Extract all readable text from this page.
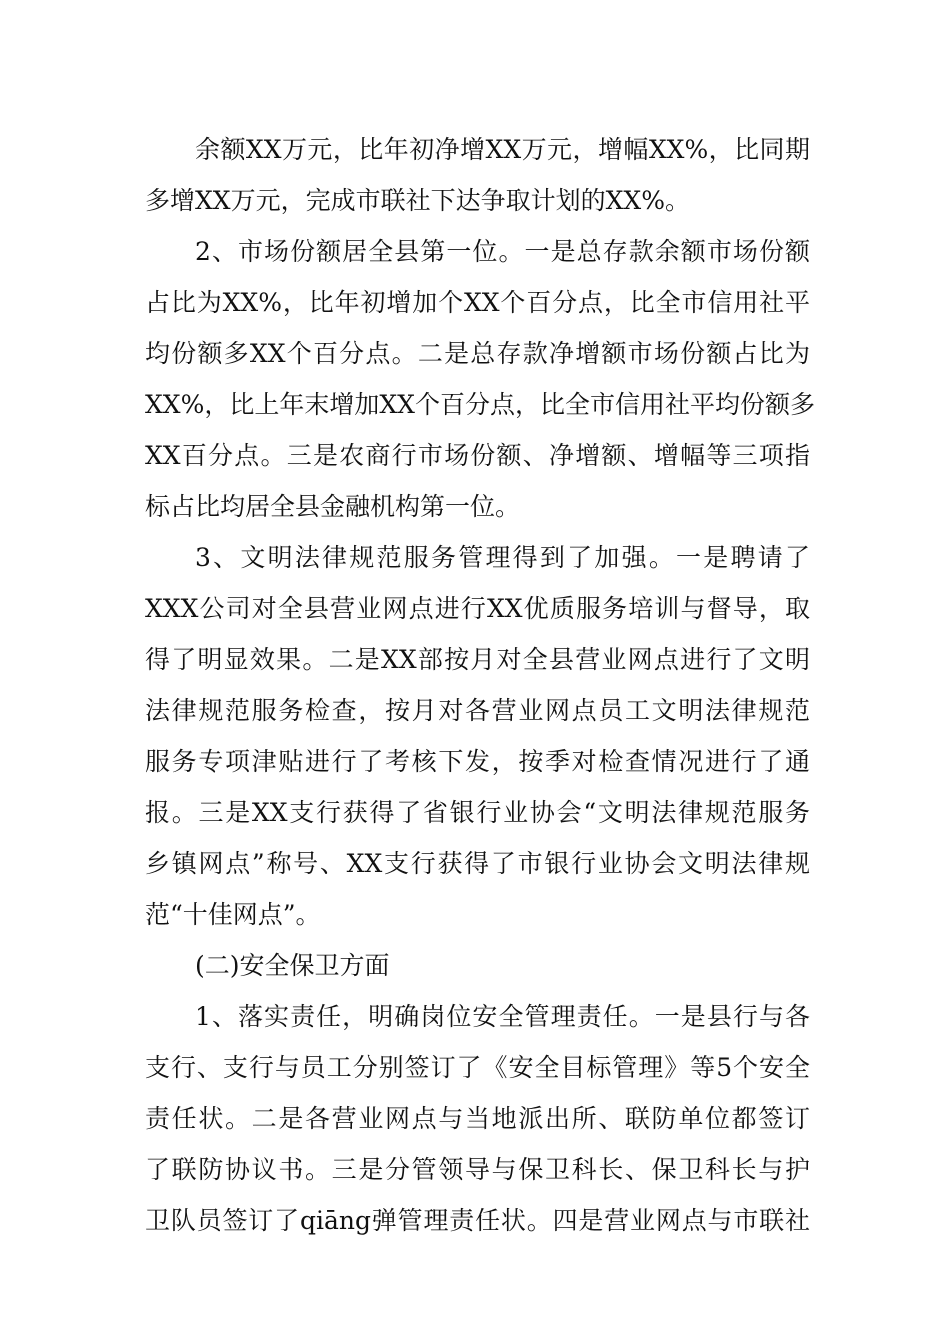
余额XX万元，比年初净增XX万元，增幅XX%，比同期
多增XX万元，完成市联社下达争取计划的XX%。
2、市场份额居全县第一位。一是总存款余额市场份额
占比为XX%，比年初增加个XX个百分点，比全市信用社平
均份额多XX个百分点。二是总存款净增额市场份额占比为
XX%，比上年末增加XX个百分点，比全市信用社平均份额多
XX百分点。三是农商行市场份额、净增额、增幅等三项指
标占比均居全县金融机构第一位。
3、文明法律规范服务管理得到了加强。一是聘请了
XXX公司对全县营业网点进行XX优质服务培训与督导，取
得了明显效果。二是XX部按月对全县营业网点进行了文明
法律规范服务检查，按月对各营业网点员工文明法律规范
服务专项津贴进行了考核下发，按季对检查情况进行了通
报。三是XX支行获得了省银行业协会“文明法律规范服务
乡镇网点”称号、XX支行获得了市银行业协会文明法律规
范“十佳网点”。
(二)安全保卫方面
1、落实责任，明确岗位安全管理责任。一是县行与各
支行、支行与员工分别签订了《安全目标管理》等5个安全
责任状。二是各营业网点与当地派出所、联防单位都签订
了联防协议书。三是分管领导与保卫科长、保卫科长与护
卫队员签订了qiāng弹管理责任状。四是营业网点与市联社
